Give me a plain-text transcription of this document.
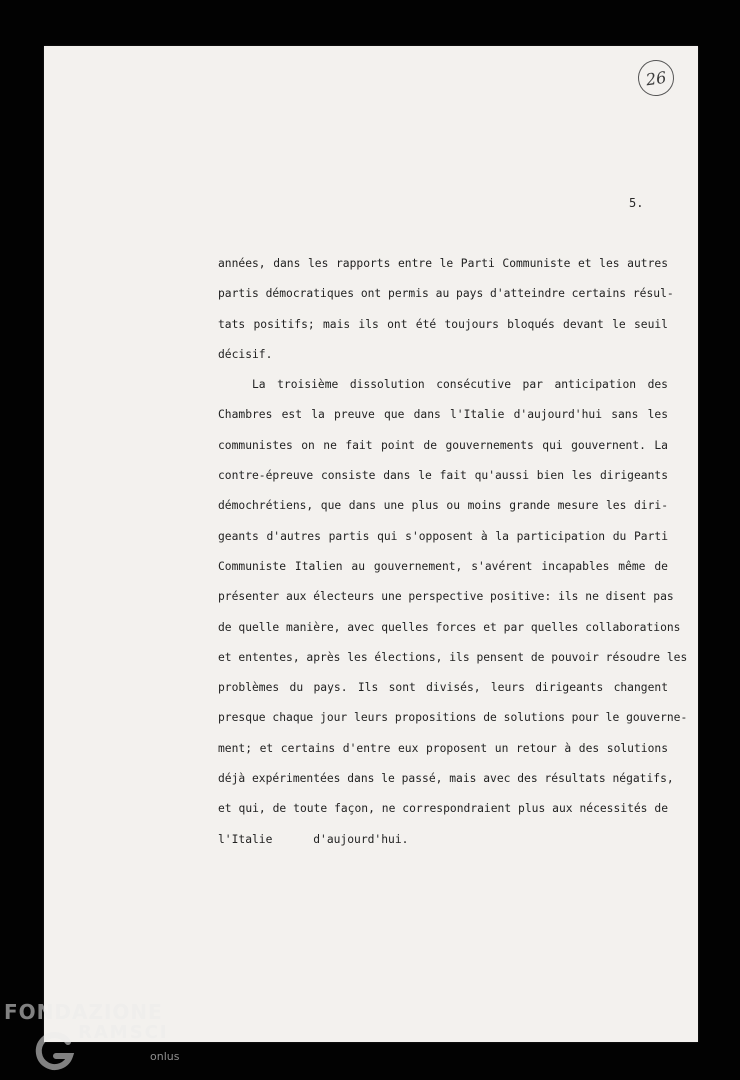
26
5.
années, dans les rapports entre le Parti Communiste et les autres
partis démocratiques ont permis au pays d'atteindre certains résul-
tats positifs; mais ils ont été toujours bloqués devant le seuil
décisif.
La troisième dissolution consécutive par anticipation des
Chambres est la preuve que dans l'Italie d'aujourd'hui sans les
communistes on ne fait point de gouvernements qui gouvernent. La
contre-épreuve consiste dans le fait qu'aussi bien les dirigeants
démochrétiens, que dans une plus ou moins grande mesure les diri-
geants d'autres partis qui s'opposent à la participation du Parti
Communiste Italien au gouvernement, s'avérent incapables même de
présenter aux électeurs une perspective positive: ils ne disent pas
de quelle manière, avec quelles forces et par quelles collaborations
et ententes, après les élections, ils pensent de pouvoir résoudre les
problèmes du pays. Ils sont divisés, leurs dirigeants changent
presque chaque jour leurs propositions de solutions pour le gouverne-
ment; et certains d'entre eux proposent un retour à des solutions
déjà expérimentées dans le passé, mais avec des résultats négatifs,
et qui, de toute façon, ne correspondraient plus aux nécessités de
l'Italie      d'aujourd'hui.
FONDAZIONE
RAMSCI
onlus
